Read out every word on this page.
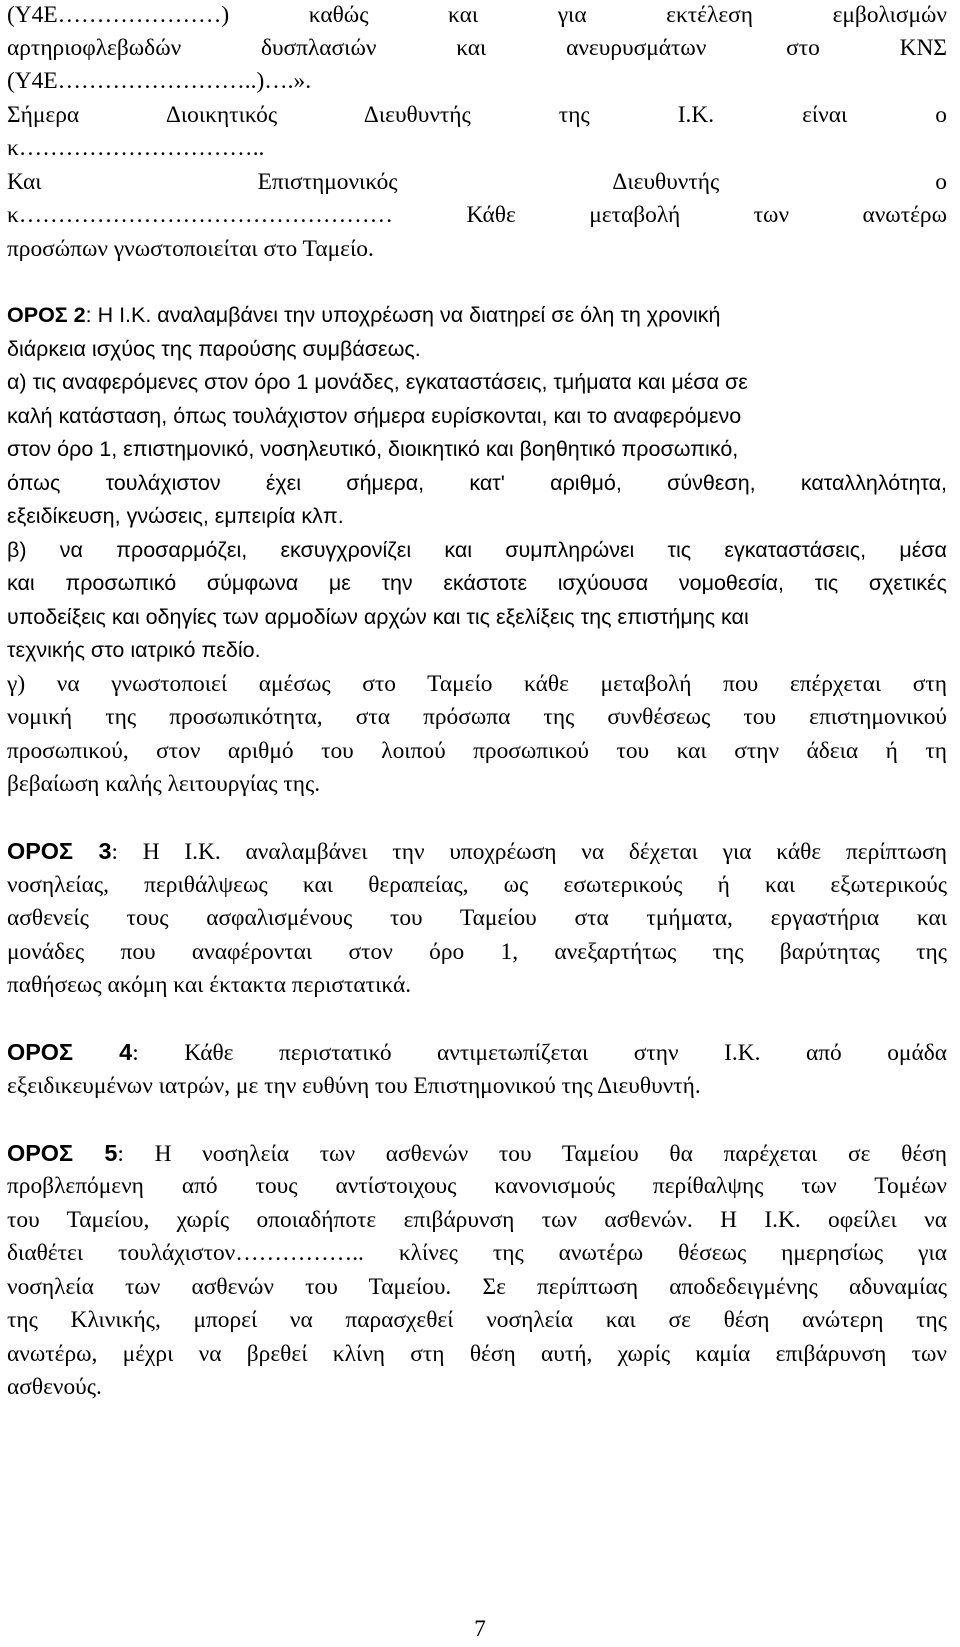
(Υ4Ε…………………) καθώς και για εκτέλεση εμβολισμών
αρτηριοφλεβωδών δυσπλασιών και ανευρυσμάτων στο ΚΝΣ
(Υ4Ε……………………..)….».
Σήμερα Διοικητικός Διευθυντής της Ι.Κ. είναι ο
κ…………………………..
Και Επιστημονικός Διευθυντής ο
κ………………………………………… Κάθε μεταβολή των ανωτέρω
προσώπων γνωστοποιείται στο Ταμείο.
ΟΡΟΣ 2: Η Ι.Κ. αναλαμβάνει την υποχρέωση να διατηρεί σε όλη τη χρονική
διάρκεια ισχύος της παρούσης συμβάσεως.
α) τις αναφερόμενες στον όρο 1 μονάδες, εγκαταστάσεις, τμήματα και μέσα σε
καλή κατάσταση, όπως τουλάχιστον σήμερα ευρίσκονται, και το αναφερόμενο
στον όρο 1, επιστημονικό, νοσηλευτικό, διοικητικό και βοηθητικό προσωπικό,
όπως τουλάχιστον έχει σήμερα, κατ' αριθμό, σύνθεση, καταλληλότητα,
εξειδίκευση, γνώσεις, εμπειρία κλπ.
β) να προσαρμόζει, εκσυγχρονίζει και συμπληρώνει τις εγκαταστάσεις, μέσα
και προσωπικό σύμφωνα με την εκάστοτε ισχύουσα νομοθεσία, τις σχετικές
υποδείξεις και οδηγίες των αρμοδίων αρχών και τις εξελίξεις της επιστήμης και
τεχνικής στο ιατρικό πεδίο.
γ) να γνωστοποιεί αμέσως στο Ταμείο κάθε μεταβολή που επέρχεται στη
νομική της προσωπικότητα, στα πρόσωπα της συνθέσεως του επιστημονικού
προσωπικού, στον αριθμό του λοιπού προσωπικού του και στην άδεια ή τη
βεβαίωση καλής λειτουργίας της.
ΟΡΟΣ 3: Η Ι.Κ. αναλαμβάνει την υποχρέωση να δέχεται για κάθε περίπτωση
νοσηλείας, περιθάλψεως και θεραπείας, ως εσωτερικούς ή και εξωτερικούς
ασθενείς τους ασφαλισμένους του Ταμείου στα τμήματα, εργαστήρια και
μονάδες που αναφέρονται στον όρο 1, ανεξαρτήτως της βαρύτητας της
παθήσεως ακόμη και έκτακτα περιστατικά.
ΟΡΟΣ 4: Κάθε περιστατικό αντιμετωπίζεται στην Ι.Κ. από ομάδα
εξειδικευμένων ιατρών, με την ευθύνη του Επιστημονικού της Διευθυντή.
ΟΡΟΣ 5: Η νοσηλεία των ασθενών του Ταμείου θα παρέχεται σε θέση
προβλεπόμενη από τους αντίστοιχους κανονισμούς περίθαλψης των Τομέων
του Ταμείου, χωρίς οποιαδήποτε επιβάρυνση των ασθενών. Η Ι.Κ. οφείλει να
διαθέτει τουλάχιστον…………….. κλίνες της ανωτέρω θέσεως ημερησίως για
νοσηλεία των ασθενών του Ταμείου. Σε περίπτωση αποδεδειγμένης αδυναμίας
της Κλινικής, μπορεί να παρασχεθεί νοσηλεία και σε θέση ανώτερη της
ανωτέρω, μέχρι να βρεθεί κλίνη στη θέση αυτή, χωρίς καμία επιβάρυνση των
ασθενούς.
7
